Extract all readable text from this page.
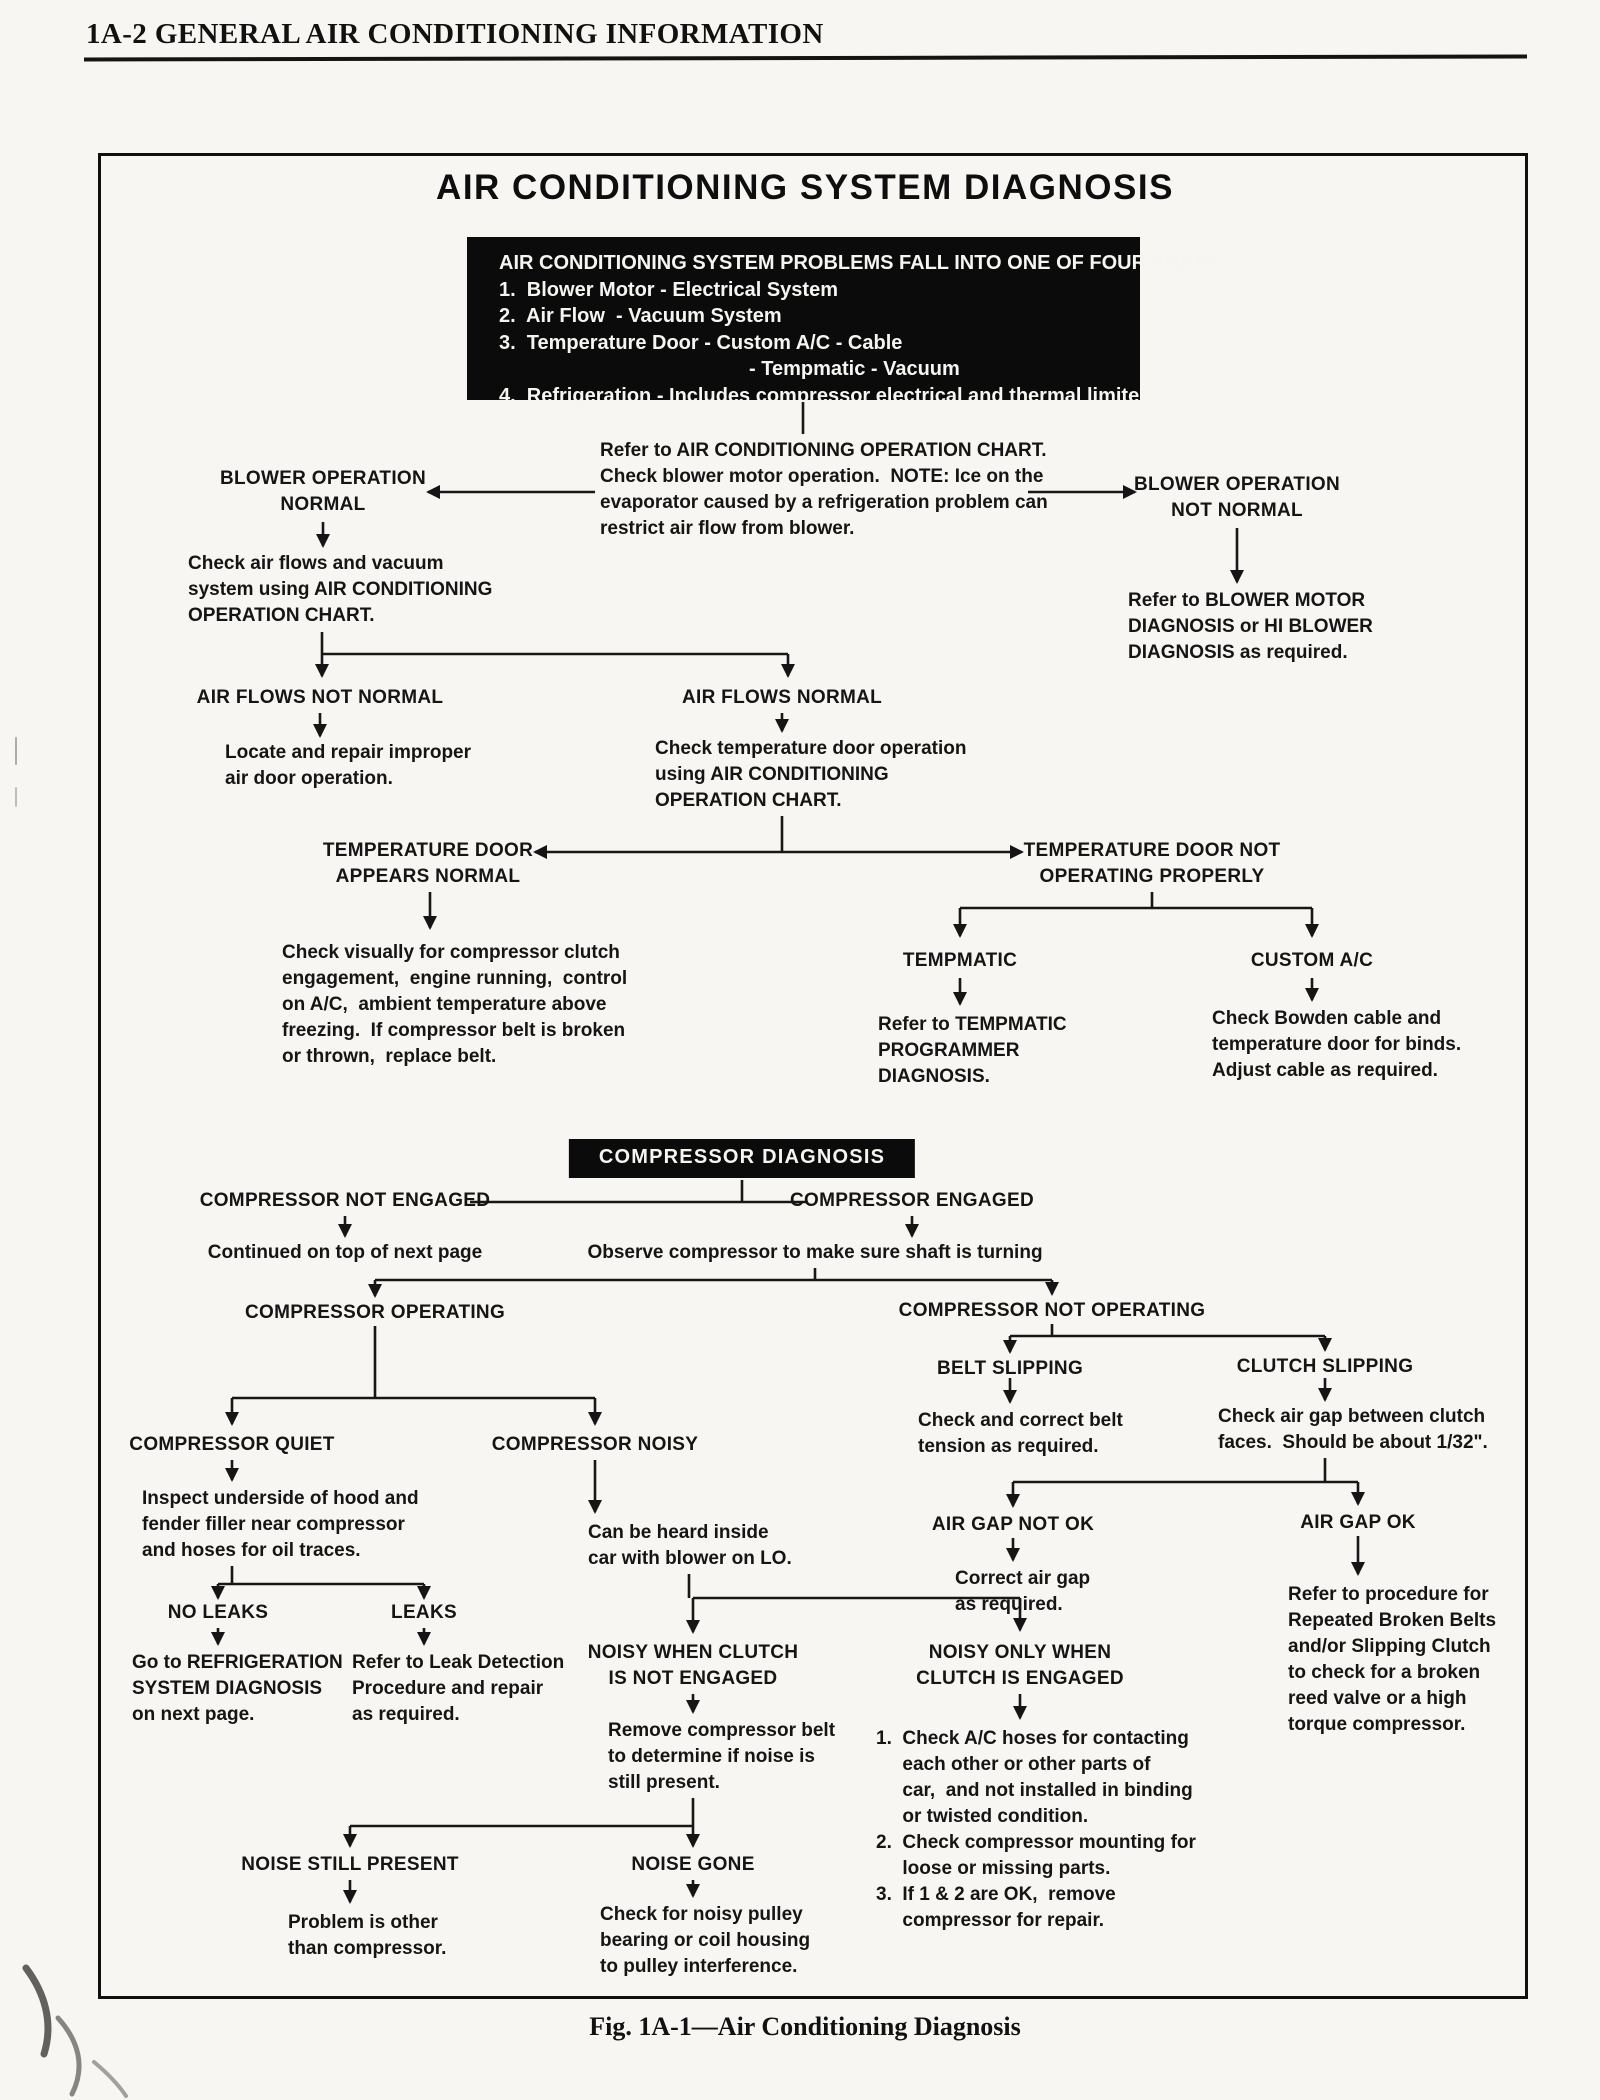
1A-2 GENERAL AIR CONDITIONING INFORMATION
AIR CONDITIONING SYSTEM DIAGNOSIS
AIR CONDITIONING SYSTEM PROBLEMS FALL INTO ONE OF FOUR AREAS:
1.  Blower Motor - Electrical System
2.  Air Flow  - Vacuum System
3.  Temperature Door - Custom A/C - Cable
- Tempmatic - Vacuum
4.  Refrigeration - Includes compressor electrical and thermal limiter
Refer to AIR CONDITIONING OPERATION CHART.
Check blower motor operation.  NOTE: Ice on the
evaporator caused by a refrigeration problem can
restrict air flow from blower.
BLOWER OPERATION
NORMAL
BLOWER OPERATION
NOT NORMAL
Check air flows and vacuum
system using AIR CONDITIONING
OPERATION CHART.
Refer to BLOWER MOTOR
DIAGNOSIS or HI BLOWER
DIAGNOSIS as required.
AIR FLOWS NOT NORMAL	AIR FLOWS NORMAL
Locate and repair improper
air door operation.
Check temperature door operation
using AIR CONDITIONING
OPERATION CHART.
TEMPERATURE DOOR
APPEARS NORMAL
TEMPERATURE DOOR NOT
OPERATING PROPERLY
Check visually for compressor clutch
engagement,  engine running,  control
on A/C,  ambient temperature above
freezing.  If compressor belt is broken
or thrown,  replace belt.
TEMPMATIC	CUSTOM A/C
Refer to TEMPMATIC
PROGRAMMER
DIAGNOSIS.
Check Bowden cable and
temperature door for binds.
Adjust cable as required.
COMPRESSOR DIAGNOSIS
COMPRESSOR NOT ENGAGED	COMPRESSOR ENGAGED
Continued on top of next page	Observe compressor to make sure shaft is turning
COMPRESSOR OPERATING	COMPRESSOR NOT OPERATING
BELT SLIPPING	CLUTCH SLIPPING
Check and correct belt
tension as required.
Check air gap between clutch
faces.  Should be about 1/32".
AIR GAP NOT OK	AIR GAP OK
Correct air gap
as required.	Refer to procedure for
Repeated Broken Belts
and/or Slipping Clutch
to check for a broken
reed valve or a high
torque compressor.
COMPRESSOR QUIET	COMPRESSOR NOISY
Inspect underside of hood and
fender filler near compressor
and hoses for oil traces.
Can be heard inside
car with blower on LO.
NO LEAKS	LEAKS
Go to REFRIGERATION
SYSTEM DIAGNOSIS
on next page.
Refer to Leak Detection
Procedure and repair
as required.
NOISY WHEN CLUTCH
IS NOT ENGAGED
NOISY ONLY WHEN
CLUTCH IS ENGAGED
Remove compressor belt
to determine if noise is
still present.
1.  Check A/C hoses for contacting
each other or other parts of
car,  and not installed in binding
or twisted condition.
2.  Check compressor mounting for
loose or missing parts.
3.  If 1 & 2 are OK,  remove
compressor for repair.
NOISE STILL PRESENT	NOISE GONE
Problem is other
than compressor.
Check for noisy pulley
bearing or coil housing
to pulley interference.
Fig. 1A-1—Air Conditioning Diagnosis
